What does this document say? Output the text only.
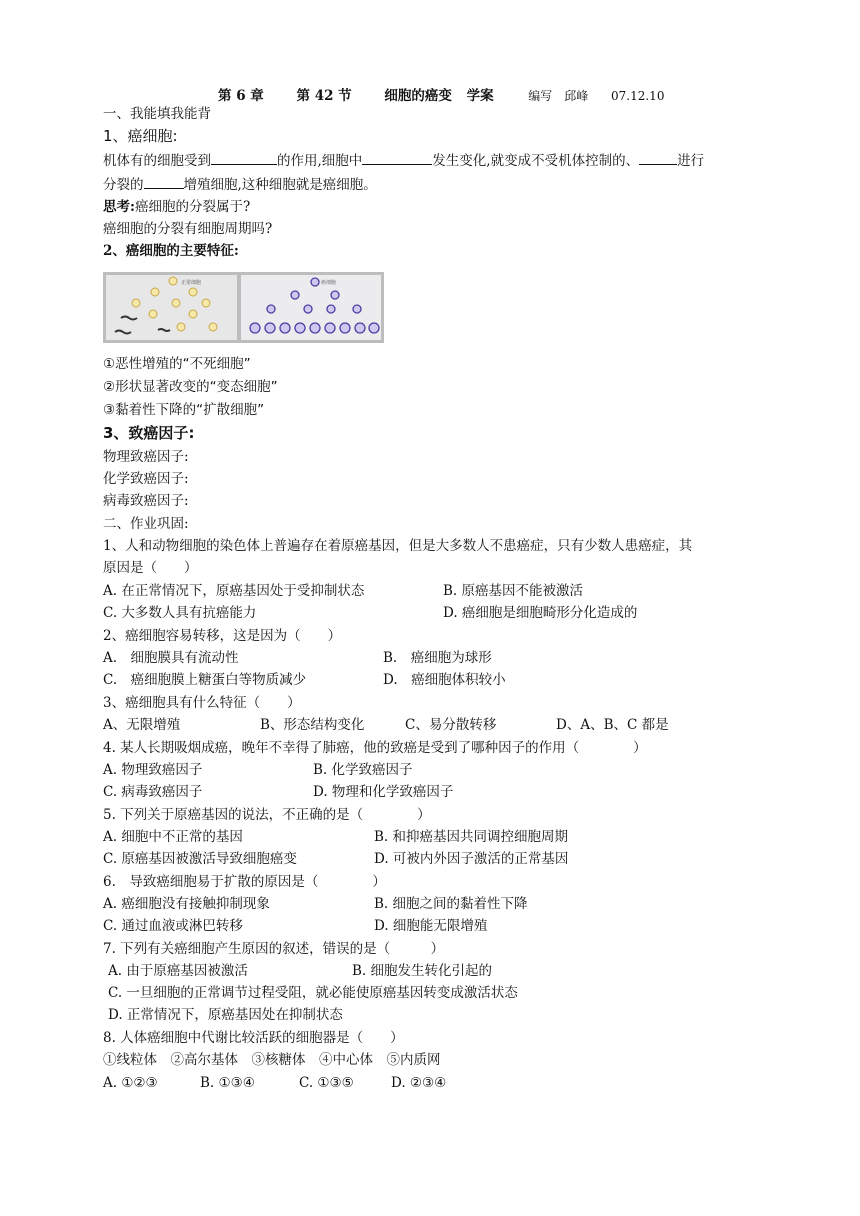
第 6 章 第 42 节 细胞的癌变 学案	编写　邱峰 07.12.10
一、我能填我能背
1、癌细胞:
机体有的细胞受到	的作用,细胞中	发生变化,就变成不受机体控制的、	进行
分裂的	增殖细胞,这种细胞就是癌细胞。
思考:癌细胞的分裂属于?
癌细胞的分裂有细胞周期吗?
2、癌细胞的主要特征:
正常细胞	癌细胞
①恶性增殖的“不死细胞”
②形状显著改变的“变态细胞”
③黏着性下降的“扩散细胞”
3、致癌因子:
物理致癌因子:
化学致癌因子:
病毒致癌因子:
二、作业巩固:
1、人和动物细胞的染色体上普遍存在着原癌基因，但是大多数人不患癌症，只有少数人患癌症，其
原因是（　　）
A. 在正常情况下，原癌基因处于受抑制状态	B. 原癌基因不能被激活
C. 大多数人具有抗癌能力	D. 癌细胞是细胞畸形分化造成的
2、癌细胞容易转移，这是因为（　　）
A.　细胞膜具有流动性	B.　癌细胞为球形
C.　癌细胞膜上糖蛋白等物质减少	D.　癌细胞体积较小
3、癌细胞具有什么特征（　　）
A、无限增殖	B、形态结构变化	C、易分散转移	D、A、B、C 都是
4. 某人长期吸烟成癌，晚年不幸得了肺癌，他的致癌是受到了哪种因子的作用（　　　　）
A. 物理致癌因子	B. 化学致癌因子
C. 病毒致癌因子	D. 物理和化学致癌因子
5. 下列关于原癌基因的说法，不正确的是（　　　　）
A. 细胞中不正常的基因	B. 和抑癌基因共同调控细胞周期
C. 原癌基因被激活导致细胞癌变	D. 可被内外因子激活的正常基因
6.　导致癌细胞易于扩散的原因是（　　　　）
A. 癌细胞没有接触抑制现象	B. 细胞之间的黏着性下降
C. 通过血液或淋巴转移	D. 细胞能无限增殖
7. 下列有关癌细胞产生原因的叙述，错误的是（　　　）
A. 由于原癌基因被激活	B. 细胞发生转化引起的
C. 一旦细胞的正常调节过程受阻，就必能使原癌基因转变成激活状态
D. 正常情况下，原癌基因处在抑制状态
8. 人体癌细胞中代谢比较活跃的细胞器是（　　）
①线粒体　②高尔基体　③核糖体　④中心体　⑤内质网
A. ①②③	B. ①③④	C. ①③⑤	D. ②③④
